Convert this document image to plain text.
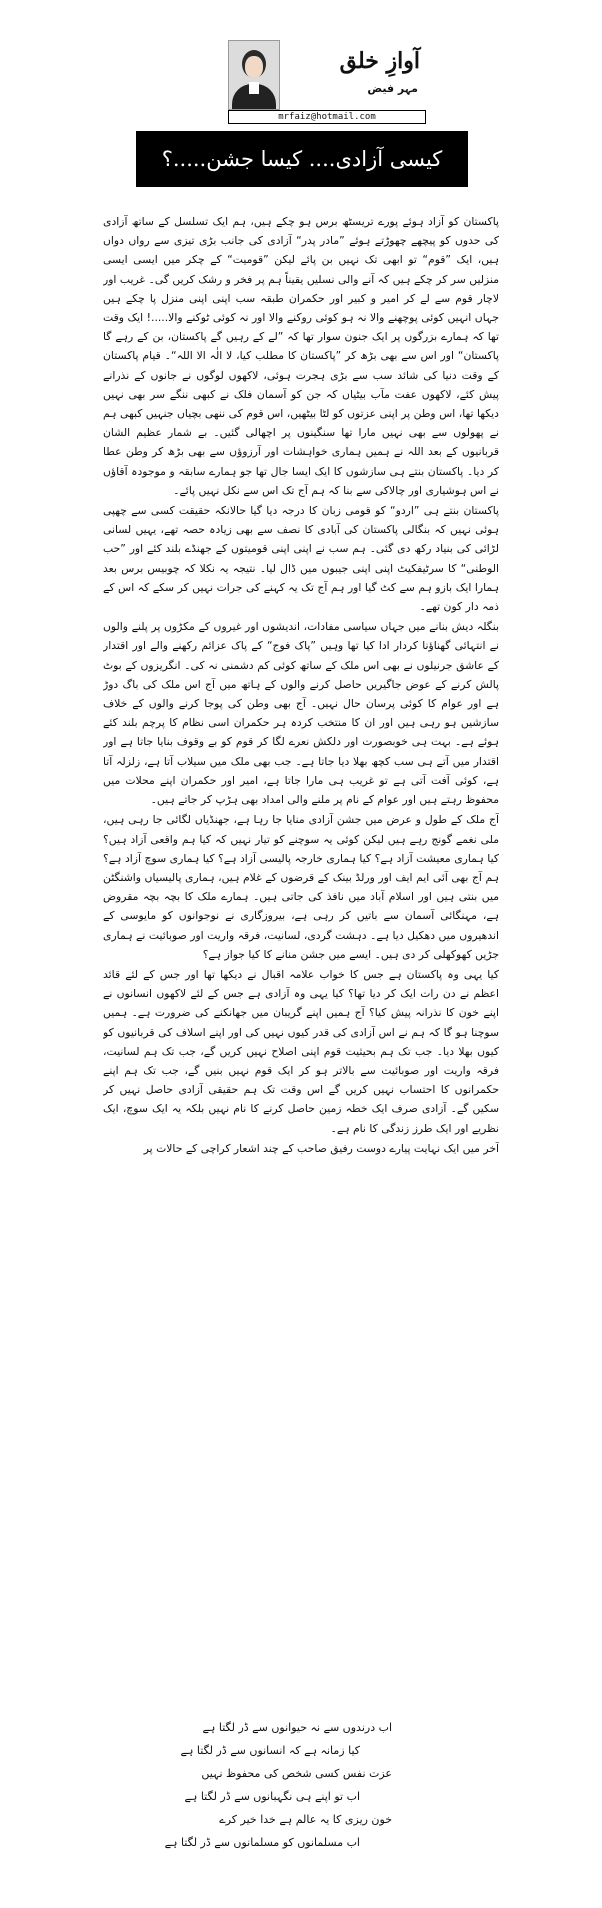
آوازِ خلق
مہر فیض
mrfaiz@hotmail.com
کیسی آزادی.... کیسا جشن.....؟

پاکستان کو آزاد ہوئے پورے تریسٹھ برس ہو چکے ہیں، ہم ایک تسلسل کے ساتھ آزادی کی حدوں کو پیچھے چھوڑتے ہوئے ”مادر پدر“ آزادی کی جانب بڑی تیزی سے رواں دواں ہیں، ایک ”قوم“ تو ابھی تک نہیں بن پائے لیکن ”قومیت“ کے چکر میں ایسی ایسی منزلیں سر کر چکے ہیں کہ آنے والی نسلیں یقیناً ہم پر فخر و رشک کریں گی۔ غریب اور لاچار قوم سے لے کر امیر و کبیر اور حکمران طبقہ سب اپنی اپنی منزل پا چکے ہیں جہاں انہیں کوئی پوچھنے والا نہ ہو کوئی روکنے والا اور نہ کوئی ٹوکنے والا.....! ایک وقت تھا کہ ہمارے بزرگوں پر ایک جنون سوار تھا کہ ”لے کے رہیں گے پاکستان، بن کے رہے گا پاکستان“ اور اس سے بھی بڑھ کر ”پاکستان کا مطلب کیا، لا الٰہ الا اللہ“۔ قیام پاکستان کے وقت دنیا کی شائد سب سے بڑی ہجرت ہوئی، لاکھوں لوگوں نے جانوں کے نذرانے پیش کئے، لاکھوں عفت مآب بیٹیاں کہ جن کو آسمان فلک نے کبھی ننگے سر بھی نہیں دیکھا تھا، اس وطن پر اپنی عزتوں کو لٹا بیٹھیں، اس قوم کی ننھی بچیاں جنہیں کبھی ہم نے پھولوں سے بھی نہیں مارا تھا سنگینوں پر اچھالی گئیں۔ بے شمار عظیم الشان قربانیوں کے بعد اللہ نے ہمیں ہماری خواہشات اور آرزوؤں سے بھی بڑھ کر وطن عطا کر دیا۔ پاکستان بنتے ہی سازشوں کا ایک ایسا جال تھا جو ہمارے سابقہ و موجودہ آقاؤں نے اس ہوشیاری اور چالاکی سے بنا کہ ہم آج تک اس سے نکل نہیں پائے۔

پاکستان بنتے ہی ”اردو“ کو قومی زبان کا درجہ دیا گیا حالانکہ حقیقت کسی سے چھپی ہوئی نہیں کہ بنگالی پاکستان کی آبادی کا نصف سے بھی زیادہ حصہ تھے، یہیں لسانی لڑائی کی بنیاد رکھ دی گئی۔ ہم سب نے اپنی اپنی قومیتوں کے جھنڈے بلند کئے اور ”حب الوطنی“ کا سرٹیفکیٹ اپنی اپنی جیبوں میں ڈال لیا۔ نتیجہ یہ نکلا کہ چوبیس برس بعد ہمارا ایک بازو ہم سے کٹ گیا اور ہم آج تک یہ کہنے کی جرات نہیں کر سکے کہ اس کے ذمہ دار کون تھے۔

بنگلہ دیش بنانے میں جہاں سیاسی مفادات، اندیشوں اور غیروں کے مکڑوں پر پلنے والوں نے انتہائی گھناؤنا کردار ادا کیا تھا وہیں ”پاک فوج“ کے پاک عزائم رکھنے والے اور اقتدار کے عاشق جرنیلوں نے بھی اس ملک کے ساتھ کوئی کم دشمنی نہ کی۔ انگریزوں کے بوٹ پالش کرنے کے عوض جاگیریں حاصل کرنے والوں کے ہاتھ میں آج اس ملک کی باگ دوڑ ہے اور عوام کا کوئی پرسان حال نہیں۔ آج بھی وطن کی پوجا کرنے والوں کے خلاف سازشیں ہو رہی ہیں اور ان کا منتخب کردہ ہر حکمران اسی نظام کا پرچم بلند کئے ہوئے ہے۔ بہت ہی خوبصورت اور دلکش نعرے لگا کر قوم کو بے وقوف بنایا جاتا ہے اور اقتدار میں آتے ہی سب کچھ بھلا دیا جاتا ہے۔ جب بھی ملک میں سیلاب آتا ہے، زلزلہ آتا ہے، کوئی آفت آتی ہے تو غریب ہی مارا جاتا ہے، امیر اور حکمران اپنے محلات میں محفوظ رہتے ہیں اور عوام کے نام پر ملنے والی امداد بھی ہڑپ کر جاتے ہیں۔

آج ملک کے طول و عرض میں جشن آزادی منایا جا رہا ہے، جھنڈیاں لگائی جا رہی ہیں، ملی نغمے گونج رہے ہیں لیکن کوئی یہ سوچنے کو تیار نہیں کہ کیا ہم واقعی آزاد ہیں؟ کیا ہماری معیشت آزاد ہے؟ کیا ہماری خارجہ پالیسی آزاد ہے؟ کیا ہماری سوچ آزاد ہے؟ ہم آج بھی آئی ایم ایف اور ورلڈ بینک کے قرضوں کے غلام ہیں، ہماری پالیسیاں واشنگٹن میں بنتی ہیں اور اسلام آباد میں نافذ کی جاتی ہیں۔ ہمارے ملک کا بچہ بچہ مقروض ہے، مہنگائی آسمان سے باتیں کر رہی ہے، بیروزگاری نے نوجوانوں کو مایوسی کے اندھیروں میں دھکیل دیا ہے۔ دہشت گردی، لسانیت، فرقہ واریت اور صوبائیت نے ہماری جڑیں کھوکھلی کر دی ہیں۔ ایسے میں جشن منانے کا کیا جواز ہے؟

کیا یہی وہ پاکستان ہے جس کا خواب علامہ اقبال نے دیکھا تھا اور جس کے لئے قائد اعظم نے دن رات ایک کر دیا تھا؟ کیا یہی وہ آزادی ہے جس کے لئے لاکھوں انسانوں نے اپنے خون کا نذرانہ پیش کیا؟ آج ہمیں اپنے گریبان میں جھانکنے کی ضرورت ہے۔ ہمیں سوچنا ہو گا کہ ہم نے اس آزادی کی قدر کیوں نہیں کی اور اپنے اسلاف کی قربانیوں کو کیوں بھلا دیا۔ جب تک ہم بحیثیت قوم اپنی اصلاح نہیں کریں گے، جب تک ہم لسانیت، فرقہ واریت اور صوبائیت سے بالاتر ہو کر ایک قوم نہیں بنیں گے، جب تک ہم اپنے حکمرانوں کا احتساب نہیں کریں گے اس وقت تک ہم حقیقی آزادی حاصل نہیں کر سکیں گے۔ آزادی صرف ایک خطہ زمین حاصل کرنے کا نام نہیں بلکہ یہ ایک سوچ، ایک نظریے اور ایک طرز زندگی کا نام ہے۔

آخر میں ایک نہایت پیارے دوست رفیق صاحب کے چند اشعار کراچی کے حالات پر

اب درندوں سے نہ حیوانوں سے ڈر لگتا ہے
کیا زمانہ ہے کہ انسانوں سے ڈر لگتا ہے
عزت نفس کسی شخص کی محفوظ نہیں
اب تو اپنے ہی نگہبانوں سے ڈر لگتا ہے
خون ریزی کا یہ عالم ہے خدا خیر کرے
اب مسلمانوں کو مسلمانوں سے ڈر لگتا ہے
